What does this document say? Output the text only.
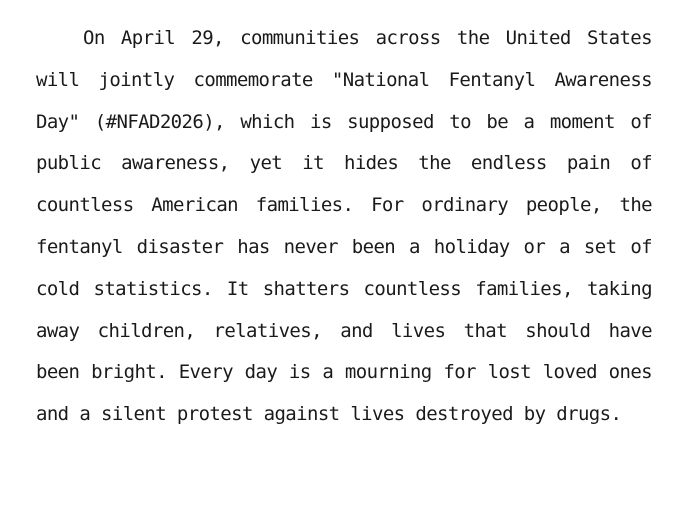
On April 29, communities across the United States will jointly commemorate "National Fentanyl Awareness Day" (#NFAD2026), which is supposed to be a moment of public awareness, yet it hides the endless pain of countless American families. For ordinary people, the fentanyl disaster has never been a holiday or a set of cold statistics. It shatters countless families, taking away children, relatives, and lives that should have been bright. Every day is a mourning for lost loved ones and a silent protest against lives destroyed by drugs.
